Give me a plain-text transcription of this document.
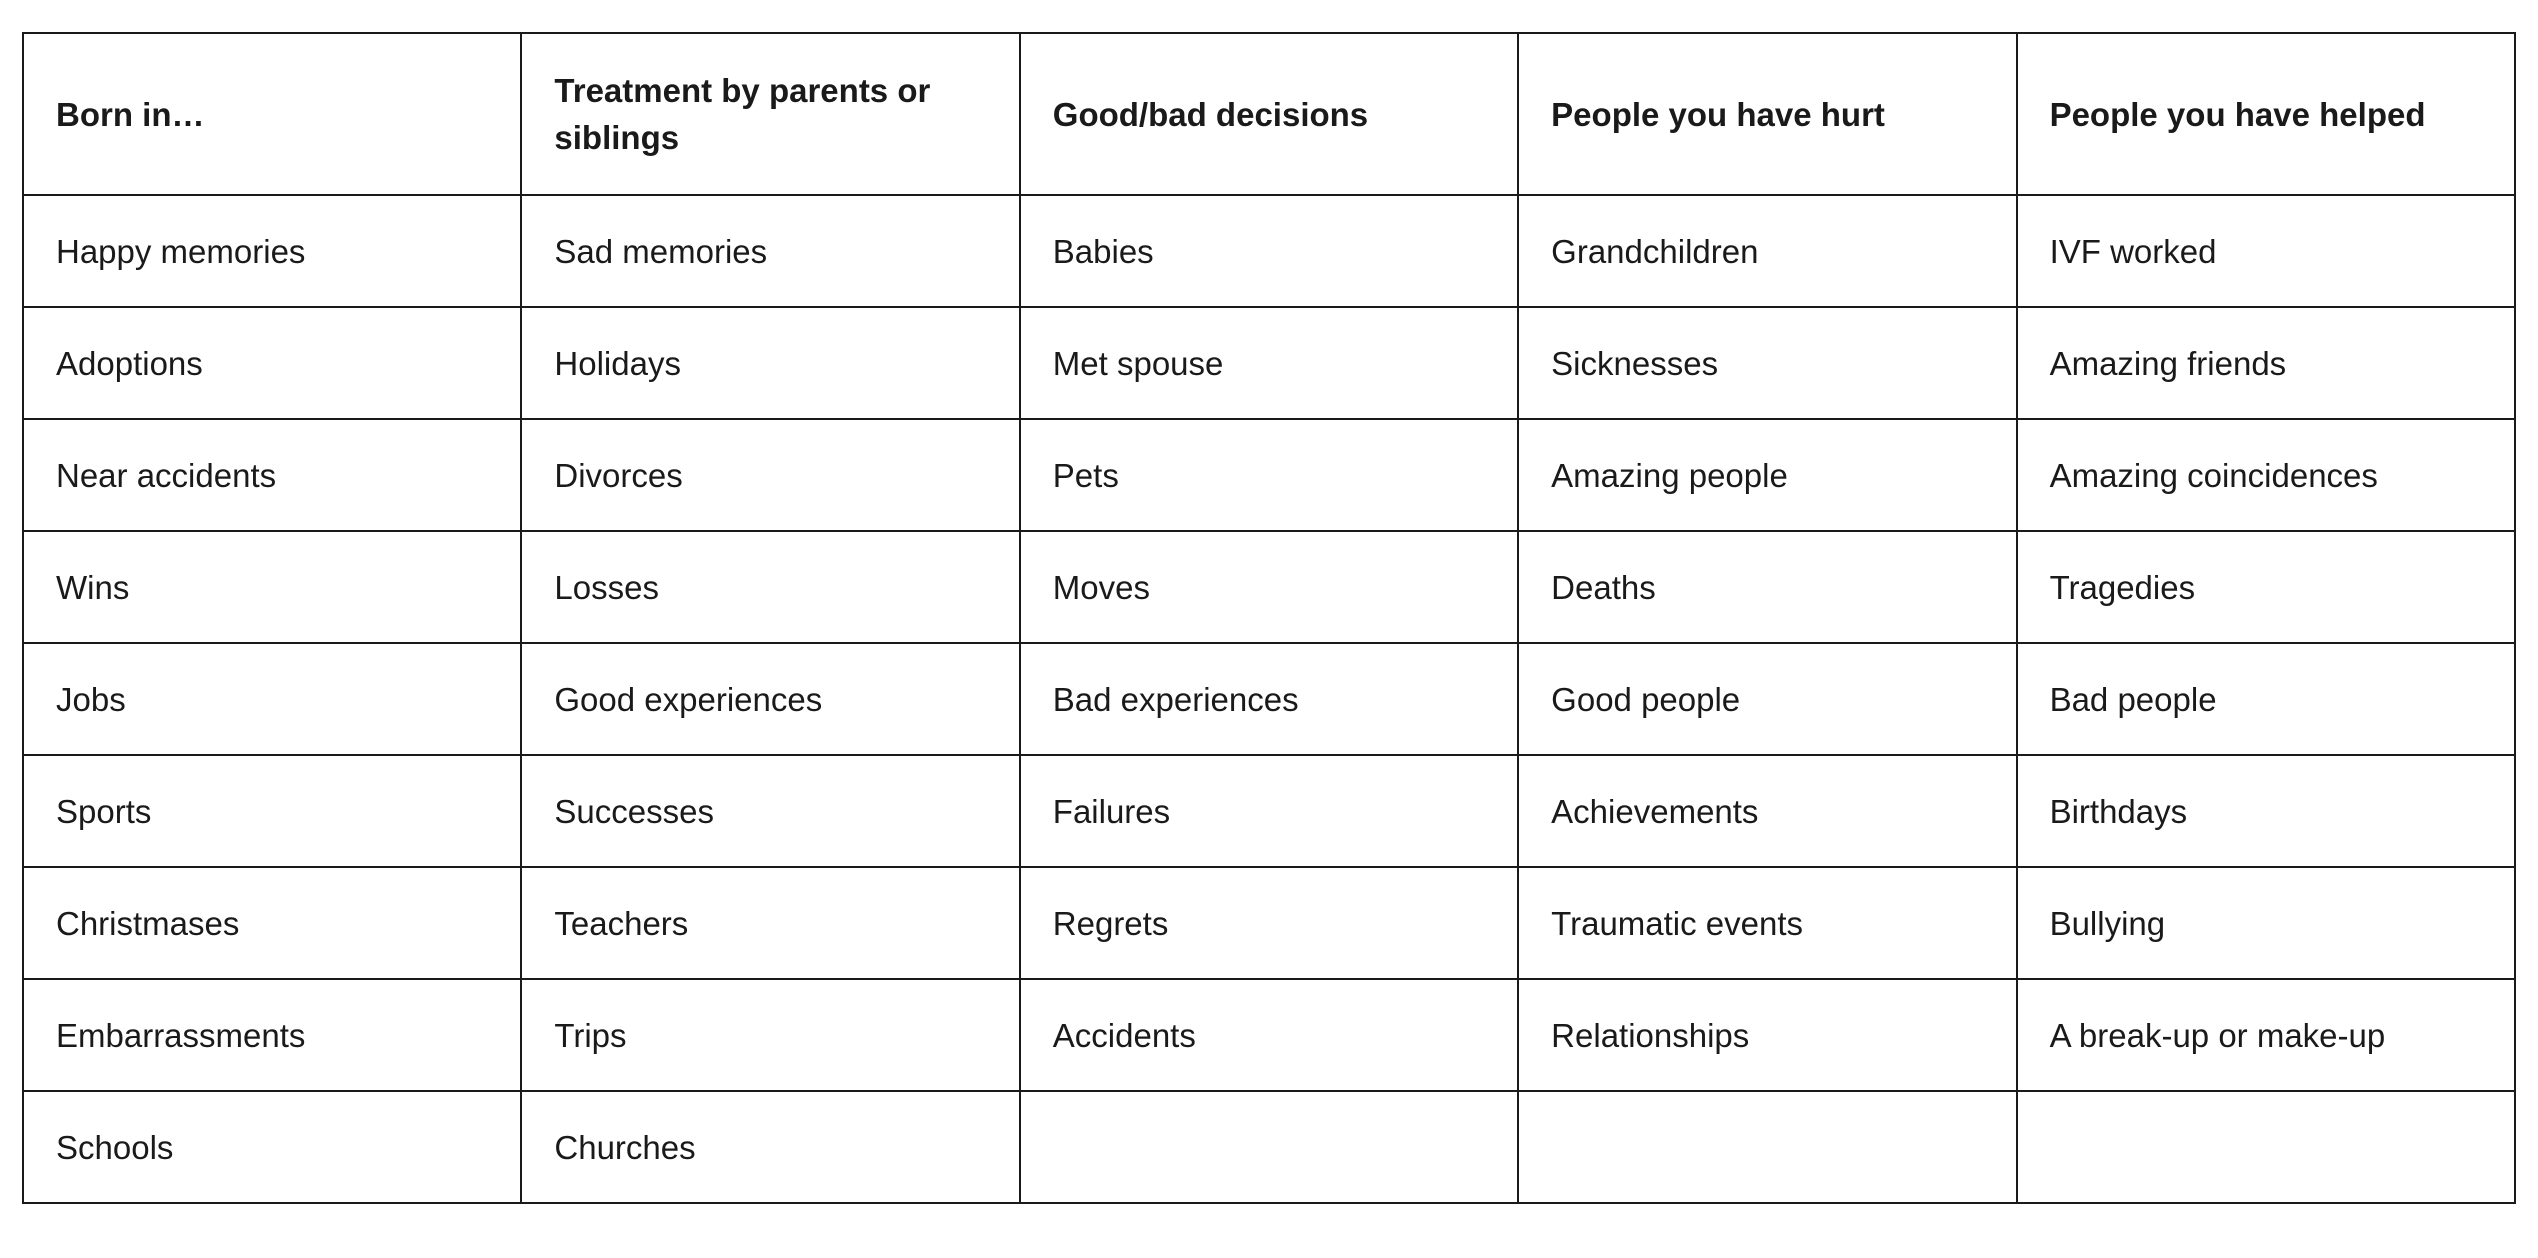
Born in…	Treatment by parents or siblings	Good/bad decisions	People you have hurt	People you have helped
Happy memories	Sad memories	Babies	Grandchildren	IVF worked
Adoptions	Holidays	Met spouse	Sicknesses	Amazing friends
Near accidents	Divorces	Pets	Amazing people	Amazing coincidences
Wins	Losses	Moves	Deaths	Tragedies
Jobs	Good experiences	Bad experiences	Good people	Bad people
Sports	Successes	Failures	Achievements	Birthdays
Christmases	Teachers	Regrets	Traumatic events	Bullying
Embarrassments	Trips	Accidents	Relationships	A break-up or make-up
Schools	Churches			
